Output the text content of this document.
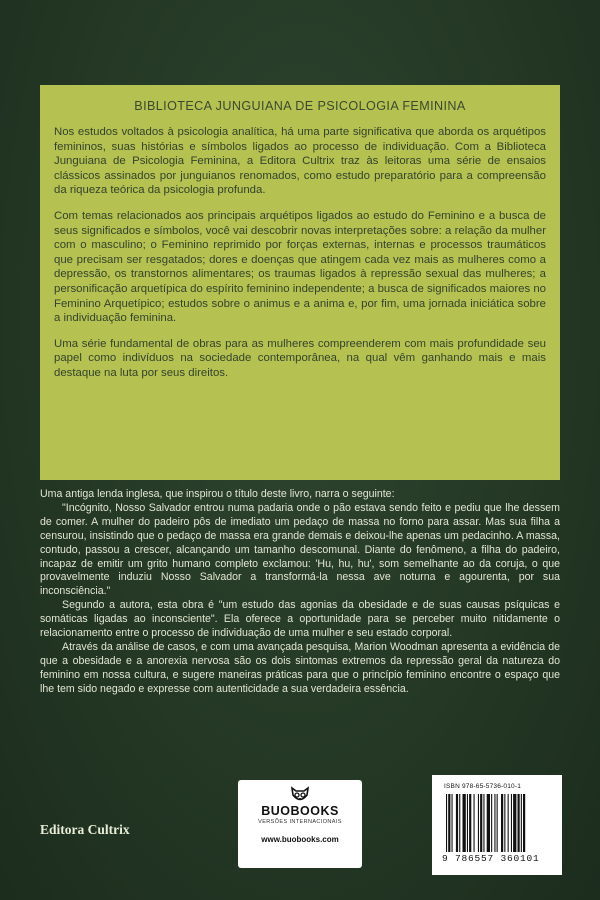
BIBLIOTECA JUNGUIANA DE PSICOLOGIA FEMININA

Nos estudos voltados à psicologia analítica, há uma parte significativa que aborda os arquétipos femininos, suas histórias e símbolos ligados ao processo de individuação. Com a Biblioteca Junguiana de Psicologia Feminina, a Editora Cultrix traz às leitoras uma série de ensaios clássicos assinados por junguianos renomados, como estudo preparatório para a compreensão da riqueza teórica da psicologia profunda.

Com temas relacionados aos principais arquétipos ligados ao estudo do Feminino e a busca de seus significados e símbolos, você vai descobrir novas interpretações sobre: a relação da mulher com o masculino; o Feminino reprimido por forças externas, internas e processos traumáticos que precisam ser resgatados; dores e doenças que atingem cada vez mais as mulheres como a depressão, os transtornos alimentares; os traumas ligados à repressão sexual das mulheres; a personificação arquetípica do espírito feminino independente; a busca de significados maiores no Feminino Arquetípico; estudos sobre o animus e a anima e, por fim, uma jornada iniciática sobre a individuação feminina.

Uma série fundamental de obras para as mulheres compreenderem com mais profundidade seu papel como indivíduos na sociedade contemporânea, na qual vêm ganhando mais e mais destaque na luta por seus direitos.

Uma antiga lenda inglesa, que inspirou o título deste livro, narra o seguinte:

"Incógnito, Nosso Salvador entrou numa padaria onde o pão estava sendo feito e pediu que lhe dessem de comer. A mulher do padeiro pôs de imediato um pedaço de massa no forno para assar. Mas sua filha a censurou, insistindo que o pedaço de massa era grande demais e deixou-lhe apenas um pedacinho. A massa, contudo, passou a crescer, alcançando um tamanho descomunal. Diante do fenômeno, a filha do padeiro, incapaz de emitir um grito humano completo exclamou: 'Hu, hu, hu', som semelhante ao da coruja, o que provavelmente induziu Nosso Salvador a transformá-la nessa ave noturna e agourenta, por sua inconsciência."

Segundo a autora, esta obra é "um estudo das agonias da obesidade e de suas causas psíquicas e somáticas ligadas ao inconsciente". Ela oferece a oportunidade para se perceber muito nitidamente o relacionamento entre o processo de individuação de uma mulher e seu estado corporal.

Através da análise de casos, e com uma avançada pesquisa, Marion Woodman apresenta a evidência de que a obesidade e a anorexia nervosa são os dois sintomas extremos da repressão geral da natureza do feminino em nossa cultura, e sugere maneiras práticas para que o princípio feminino encontre o espaço que lhe tem sido negado e expresse com autenticidade a sua verdadeira essência.

Editora Cultrix
BUOBOOKS
VERSÕES INTERNACIONAIS
www.buobooks.com
ISBN 978-65-5736-010-1
9 786557 360101
